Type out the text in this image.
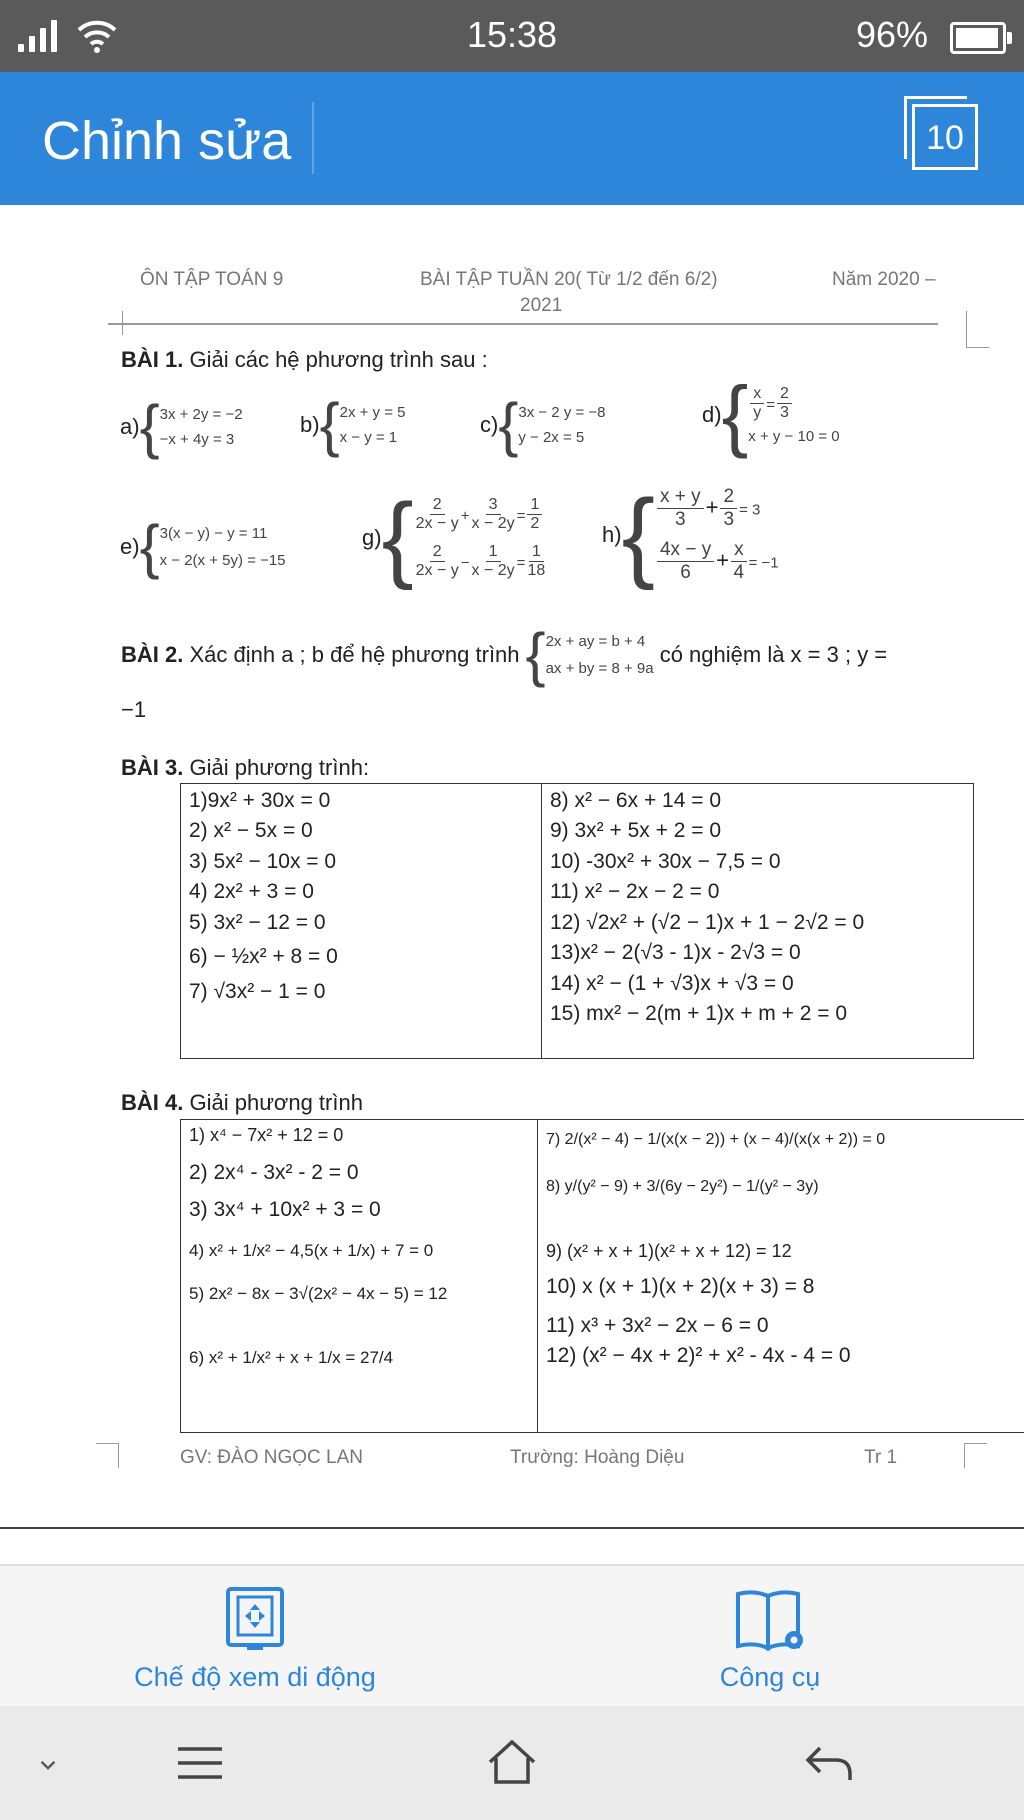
15:38	96%
Chỉnh sửa	10
ÔN TẬP TOÁN 9	BÀI TẬP TUẦN 20( Từ 1/2 đến 6/2)
2021
Năm 2020 –
BÀI 1. Giải các hệ phương trình sau :
a) { 3x + 2y = −2
−x + 4y = 3
b) { 2x + y = 5
x − y = 1
c) { 3x − 2 y = −8
y − 2x = 5
d) { $\frac{x}{y} = \frac{2}{3}$
x + y − 10 = 0
e) { 3(x − y) − y = 11
x − 2(x + 5y) = −15
g) { $\frac{2}{2x - y} + \frac{3}{x - 2y} = \frac{1}{2}$
$\frac{2}{2x - y} - \frac{1}{x - 2y} = \frac{1}{18}$
h) { $\frac{x + y}{3} + \frac{2}{3} = 3$
$\frac{4x - y}{6} + \frac{x}{4} = -1$
BÀI 2.
Xác định a ; b để hệ phương trình { 2x + ay = b + 4
ax + by = 8 + 9a

có nghiệm là x = 3 ; y =
−1
BÀI 3. Giải phương trình:
1)9x² + 30x = 0
2) x² − 5x = 0
3) 5x² − 10x = 0
4) 2x² + 3 = 0
5) 3x² − 12 = 0
6) − ½x² + 8 = 0
7) √3x² − 1 = 0

8) x² − 6x + 14 = 0
9) 3x² + 5x + 2 = 0
10) -30x² + 30x − 7,5 = 0
11) x² − 2x − 2 = 0
12) √2x² + (√2 − 1)x + 1 − 2√2 = 0
13)x² − 2(√3 - 1)x - 2√3 = 0
14) x² − (1 + √3)x + √3 = 0
15) mx² − 2(m + 1)x + m + 2 = 0
BÀI 4. Giải phương trình
1) x⁴ − 7x² + 12 = 0
2) 2x⁴ - 3x² - 2 = 0
3) 3x⁴ + 10x² + 3 = 0
4) x² + 1/x² − 4,5(x + 1/x) + 7 = 0
5) 2x² − 8x − 3√(2x² − 4x − 5) = 12
6) x² + 1/x² + x + 1/x = 27/4

7) 2/(x² − 4) − 1/(x(x − 2)) + (x − 4)/(x(x + 2)) = 0
8) y/(y² − 9) + 3/(6y − 2y²) − 1/(y² − 3y)
9) (x² + x + 1)(x² + x + 12) = 12
10) x (x + 1)(x + 2)(x + 3) = 8
11) x³ + 3x² − 2x − 6 = 0
12) (x² − 4x + 2)² + x² - 4x - 4 = 0
GV: ĐÀO NGỌC LAN	Trường: Hoàng Diệu	Tr 1
Chế độ xem di động	Công cụ
